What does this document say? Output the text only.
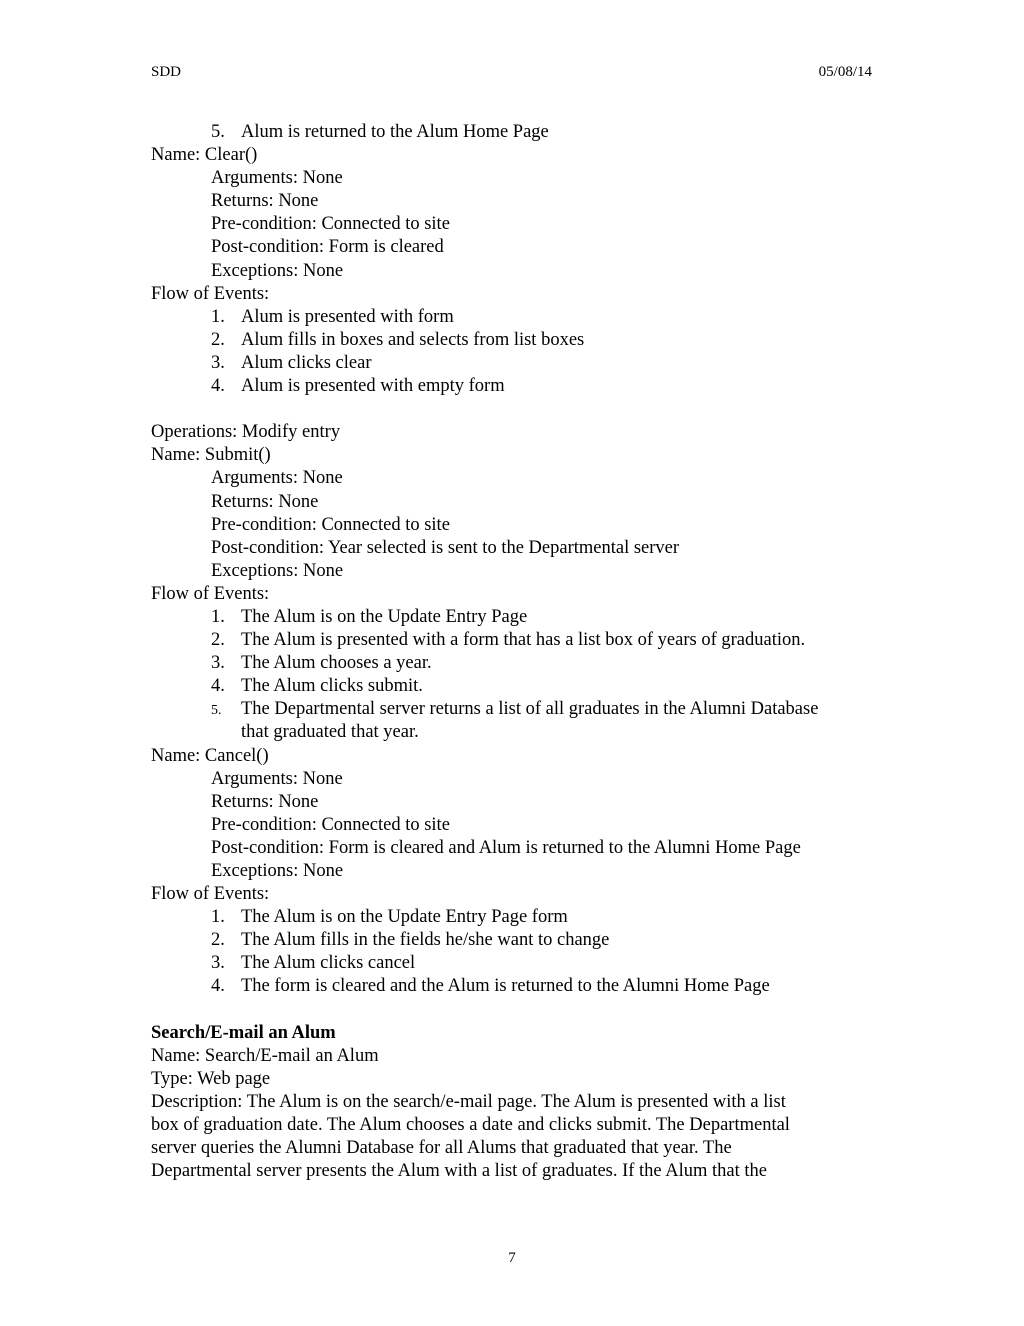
SDD	05/08/14
5. Alum is returned to the Alum Home Page
Name: Clear()
Arguments: None
Returns: None
Pre-condition: Connected to site
Post-condition: Form is cleared
Exceptions: None
Flow of Events:
1. Alum is presented with form
2. Alum fills in boxes and selects from list boxes
3. Alum clicks clear
4. Alum is presented with empty form
Operations: Modify entry
Name: Submit()
Arguments: None
Returns: None
Pre-condition: Connected to site
Post-condition: Year selected is sent to the Departmental server
Exceptions: None
Flow of Events:
1. The Alum is on the Update Entry Page
2. The Alum is presented with a form that has a list box of years of graduation.
3. The Alum chooses a year.
4. The Alum clicks submit.
5. The Departmental server returns a list of all graduates in the Alumni Database
that graduated that year.
Name: Cancel()
Arguments: None
Returns: None
Pre-condition: Connected to site
Post-condition: Form is cleared and Alum is returned to the Alumni Home Page
Exceptions: None
Flow of Events:
1. The Alum is on the Update Entry Page form
2. The Alum fills in the fields he/she want to change
3. The Alum clicks cancel
4. The form is cleared and the Alum is returned to the Alumni Home Page
Search/E-mail an Alum
Name: Search/E-mail an Alum
Type: Web page
Description: The Alum is on the search/e-mail page. The Alum is presented with a list
box of graduation date. The Alum chooses a date and clicks submit. The Departmental
server queries the Alumni Database for all Alums that graduated that year. The
Departmental server presents the Alum with a list of graduates. If the Alum that the
7
